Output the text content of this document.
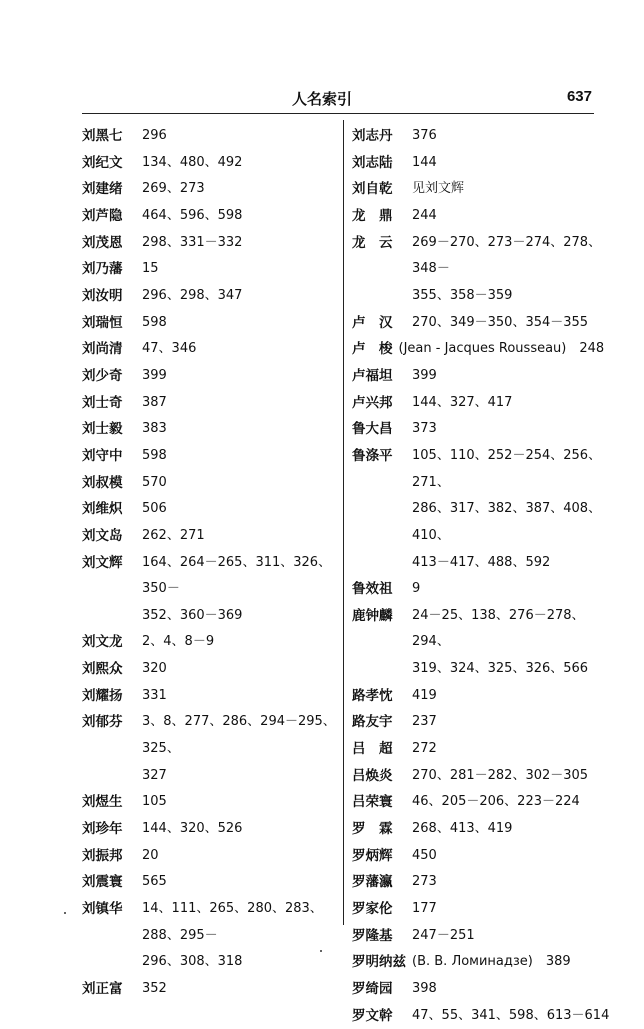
人名索引	637
刘黑七 296
刘纪文 134、480、492
刘建绪 269、273
刘芦隐 464、596、598
刘茂恩 298、331－332
刘乃藩 15
刘汝明 296、298、347
刘瑞恒 598
刘尚清 47、346
刘少奇 399
刘士奇 387
刘士毅 383
刘守中 598
刘叔模 570
刘维炽 506
刘文岛 262、271
刘文辉 164、264－265、311、326、350－
352、360－369
刘文龙 2、4、8－9
刘熙众 320
刘耀扬 331
刘郁芬 3、8、277、286、294－295、325、
327
刘煜生 105
刘珍年 144、320、526
刘振邦 20
刘震寰 565
刘镇华 14、111、265、280、283、288、295－
296、308、318
刘正富 352
刘志丹 376
刘志陆 144
刘自乾 见刘文辉
龙　鼎 244
龙　云 269－270、273－274、278、348－
355、358－359
卢　汉 270、349－350、354－355
卢　梭 (Jean - Jacques Rousseau)　248
卢福坦 399
卢兴邦 144、327、417
鲁大昌 373
鲁涤平 105、110、252－254、256、271、
286、317、382、387、408、410、
413－417、488、592
鲁效祖 9
鹿钟麟 24－25、138、276－278、294、
319、324、325、326、566
路孝忱 419
路友宇 237
吕　超 272
吕焕炎 270、281－282、302－305
吕荣寰 46、205－206、223－224
罗　霖 268、413、419
罗炳辉 450
罗藩瀛 273
罗家伦 177
罗隆基 247－251
罗明纳兹 (B. B. Ломинадзе)　389
罗绮园 398
罗文幹 47、55、341、598、613－614
